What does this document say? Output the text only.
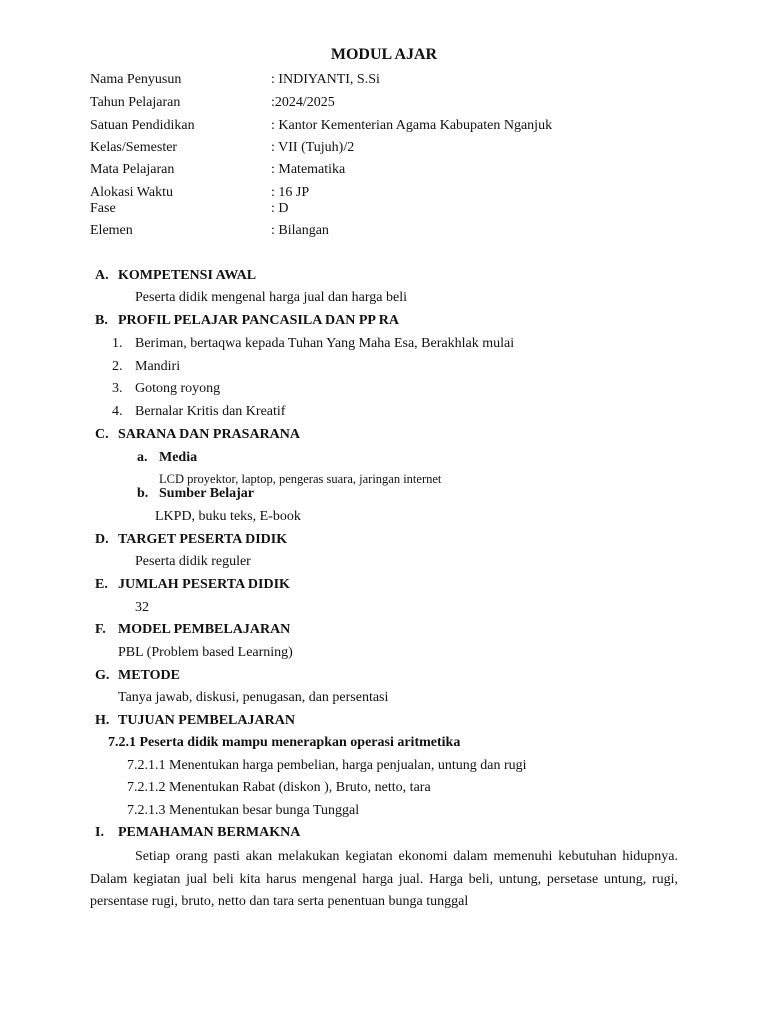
MODUL AJAR
Nama Penyusun	: INDIYANTI, S.Si
Tahun Pelajaran	:2024/2025
Satuan Pendidikan	: Kantor Kementerian Agama Kabupaten Nganjuk
Kelas/Semester	: VII (Tujuh)/2
Mata Pelajaran	: Matematika
Alokasi Waktu	: 16 JP
Fase	: D
Elemen	: Bilangan
A. KOMPETENSI AWAL
Peserta didik mengenal harga jual dan harga beli
B. PROFIL PELAJAR PANCASILA DAN PP RA
1. Beriman, bertaqwa kepada Tuhan Yang Maha Esa, Berakhlak mulai
2. Mandiri
3. Gotong royong
4. Bernalar Kritis dan Kreatif
C. SARANA DAN PRASARANA
a. Media
LCD proyektor, laptop, pengeras suara, jaringan internet
b. Sumber Belajar
LKPD, buku teks, E-book
D. TARGET PESERTA DIDIK
Peserta didik reguler
E. JUMLAH PESERTA DIDIK
32
F. MODEL PEMBELAJARAN
PBL (Problem based Learning)
G. METODE
Tanya jawab, diskusi, penugasan, dan persentasi
H. TUJUAN PEMBELAJARAN
7.2.1 Peserta didik mampu menerapkan operasi aritmetika
7.2.1.1 Menentukan harga pembelian, harga penjualan, untung dan rugi
7.2.1.2 Menentukan Rabat (diskon ), Bruto, netto, tara
7.2.1.3 Menentukan besar bunga Tunggal
I. PEMAHAMAN BERMAKNA
Setiap orang pasti akan melakukan kegiatan ekonomi dalam memenuhi kebutuhan hidupnya. Dalam kegiatan jual beli kita harus mengenal harga jual. Harga beli, untung, persetase untung, rugi, persentase rugi, bruto, netto dan tara serta penentuan bunga tunggal
